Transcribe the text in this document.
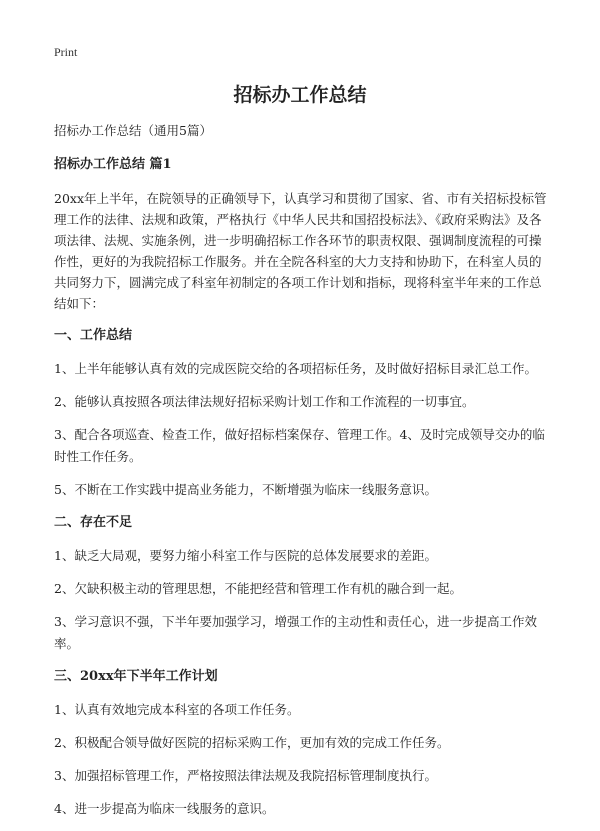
Print
招标办工作总结

招标办工作总结（通用5篇）

招标办工作总结 篇1

20xx年上半年，在院领导的正确领导下，认真学习和贯彻了国家、省、市有关招标投标管理工作的法律、法规和政策，严格执行《中华人民共和国招投标法》、《政府采购法》及各项法律、法规、实施条例，进一步明确招标工作各环节的职责权限、强调制度流程的可操作性，更好的为我院招标工作服务。并在全院各科室的大力支持和协助下，在科室人员的共同努力下，圆满完成了科室年初制定的各项工作计划和指标，现将科室半年来的工作总结如下：

一、工作总结

1、上半年能够认真有效的完成医院交给的各项招标任务，及时做好招标目录汇总工作。

2、能够认真按照各项法律法规好招标采购计划工作和工作流程的一切事宜。

3、配合各项巡查、检查工作，做好招标档案保存、管理工作。4、及时完成领导交办的临时性工作任务。

5、不断在工作实践中提高业务能力，不断增强为临床一线服务意识。

二、存在不足

1、缺乏大局观，要努力缩小科室工作与医院的总体发展要求的差距。

2、欠缺积极主动的管理思想，不能把经营和管理工作有机的融合到一起。

3、学习意识不强，下半年要加强学习，增强工作的主动性和责任心，进一步提高工作效率。

三、20xx年下半年工作计划

1、认真有效地完成本科室的各项工作任务。

2、积极配合领导做好医院的招标采购工作，更加有效的完成工作任务。

3、加强招标管理工作，严格按照法律法规及我院招标管理制度执行。

4、进一步提高为临床一线服务的意识。
